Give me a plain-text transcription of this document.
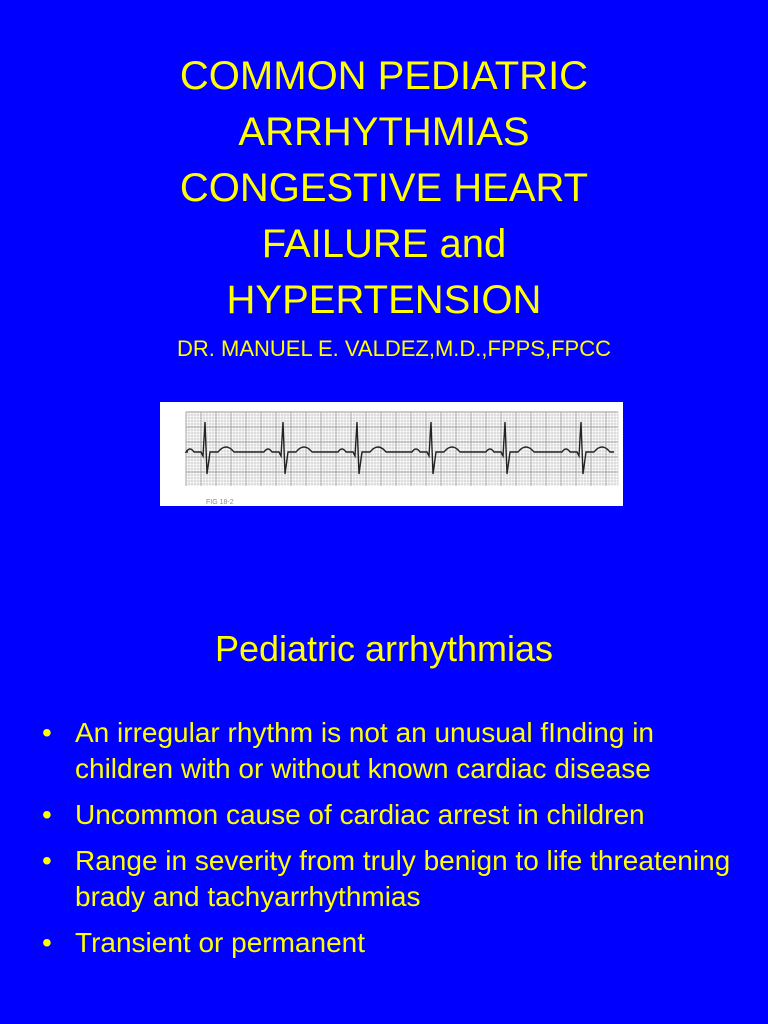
COMMON PEDIATRIC
ARRHYTHMIAS
CONGESTIVE HEART
FAILURE and
HYPERTENSION
DR. MANUEL E. VALDEZ,M.D.,FPPS,FPCC
FIG 18-2
Pediatric arrhythmias
• An irregular rhythm is not an unusual fInding in children with or without known cardiac disease
• Uncommon cause of cardiac arrest in children
• Range in severity from truly benign to life threatening brady and tachyarrhythmias
• Transient or permanent
